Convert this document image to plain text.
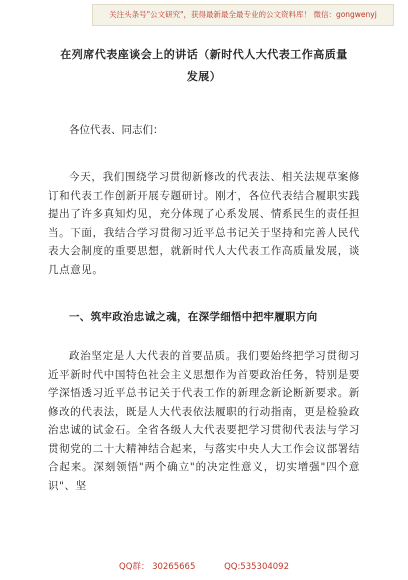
关注头条号"公文研究"，获得最新最全最专业的公文资料库！ 微信：gongwenyj
在列席代表座谈会上的讲话（新时代人大代表工作高质量
发展）

各位代表、同志们：

今天，我们围绕学习贯彻新修改的代表法、相关法规草案修订和代表工作创新开展专题研讨。刚才，各位代表结合履职实践提出了许多真知灼见，充分体现了心系发展、情系民生的责任担当。下面，我结合学习贯彻习近平总书记关于坚持和完善人民代表大会制度的重要思想，就新时代人大代表工作高质量发展，谈几点意见。

一、筑牢政治忠诚之魂，在深学细悟中把牢履职方向

政治坚定是人大代表的首要品质。我们要始终把学习贯彻习近平新时代中国特色社会主义思想作为首要政治任务，特别是要学深悟透习近平总书记关于代表工作的新理念新论断新要求。新修改的代表法，既是人大代表依法履职的行动指南，更是检验政治忠诚的试金石。全省各级人大代表要把学习贯彻代表法与学习贯彻党的二十大精神结合起来，与落实中央人大工作会议部署结合起来。深刻领悟"两个确立"的决定性意义，切实增强"四个意识"、坚

QQ群： 30265665	QQ:535304092
